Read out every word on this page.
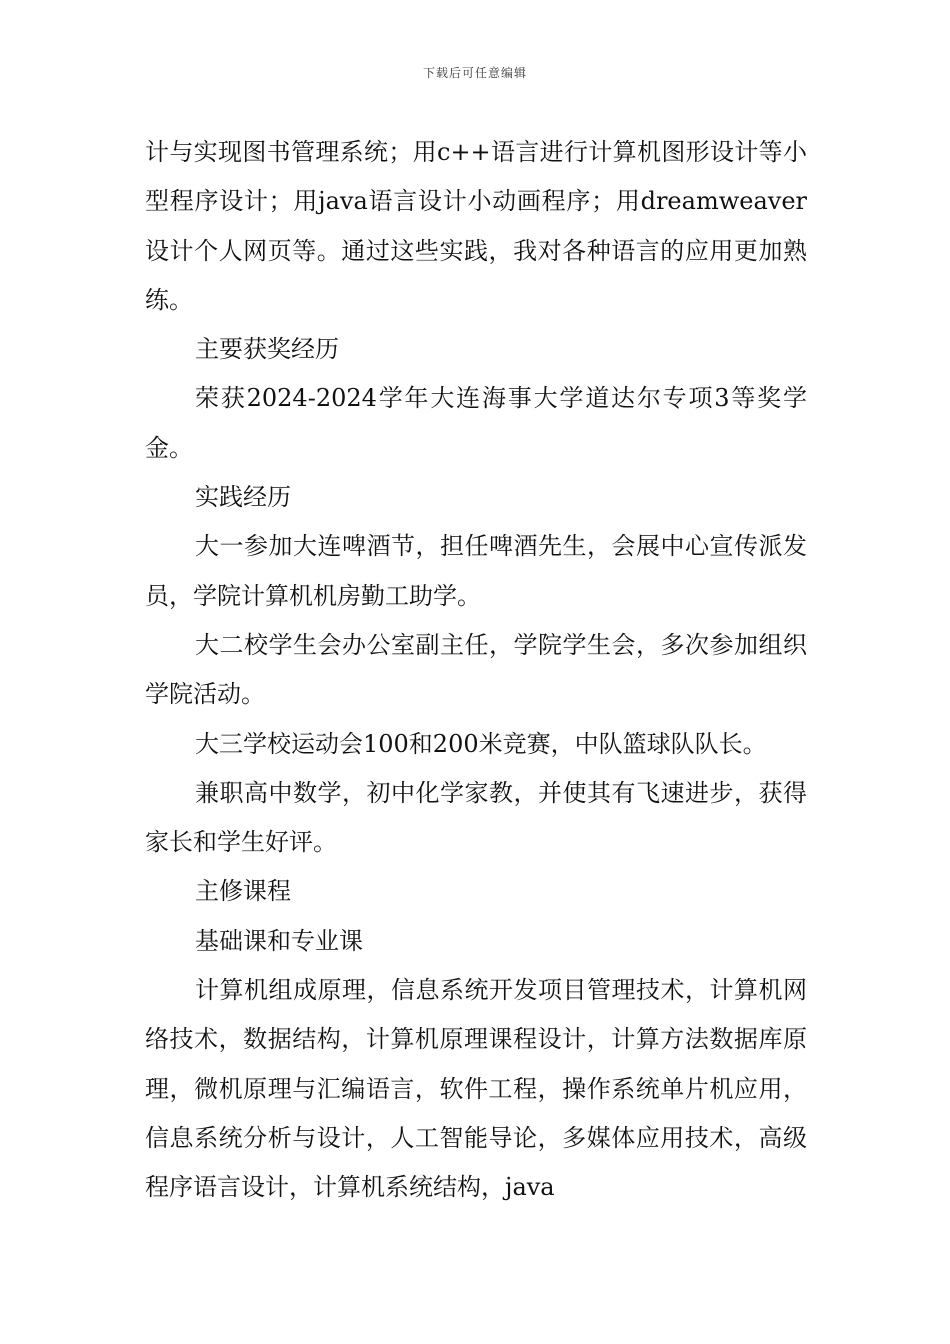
下载后可任意编辑

计与实现图书管理系统；用c++语言进行计算机图形设计等小型程序设计；用java语言设计小动画程序；用dreamweaver设计个人网页等。通过这些实践，我对各种语言的应用更加熟练。

主要获奖经历

荣获2024-2024学年大连海事大学道达尔专项3等奖学金。

实践经历

大一参加大连啤酒节，担任啤酒先生，会展中心宣传派发员，学院计算机机房勤工助学。

大二校学生会办公室副主任，学院学生会，多次参加组织学院活动。

大三学校运动会100和200米竞赛，中队篮球队队长。

兼职高中数学，初中化学家教，并使其有飞速进步，获得家长和学生好评。

主修课程

基础课和专业课

计算机组成原理，信息系统开发项目管理技术，计算机网络技术，数据结构，计算机原理课程设计，计算方法数据库原理，微机原理与汇编语言，软件工程，操作系统单片机应用，信息系统分析与设计，人工智能导论，多媒体应用技术，高级程序语言设计，计算机系统结构，java
